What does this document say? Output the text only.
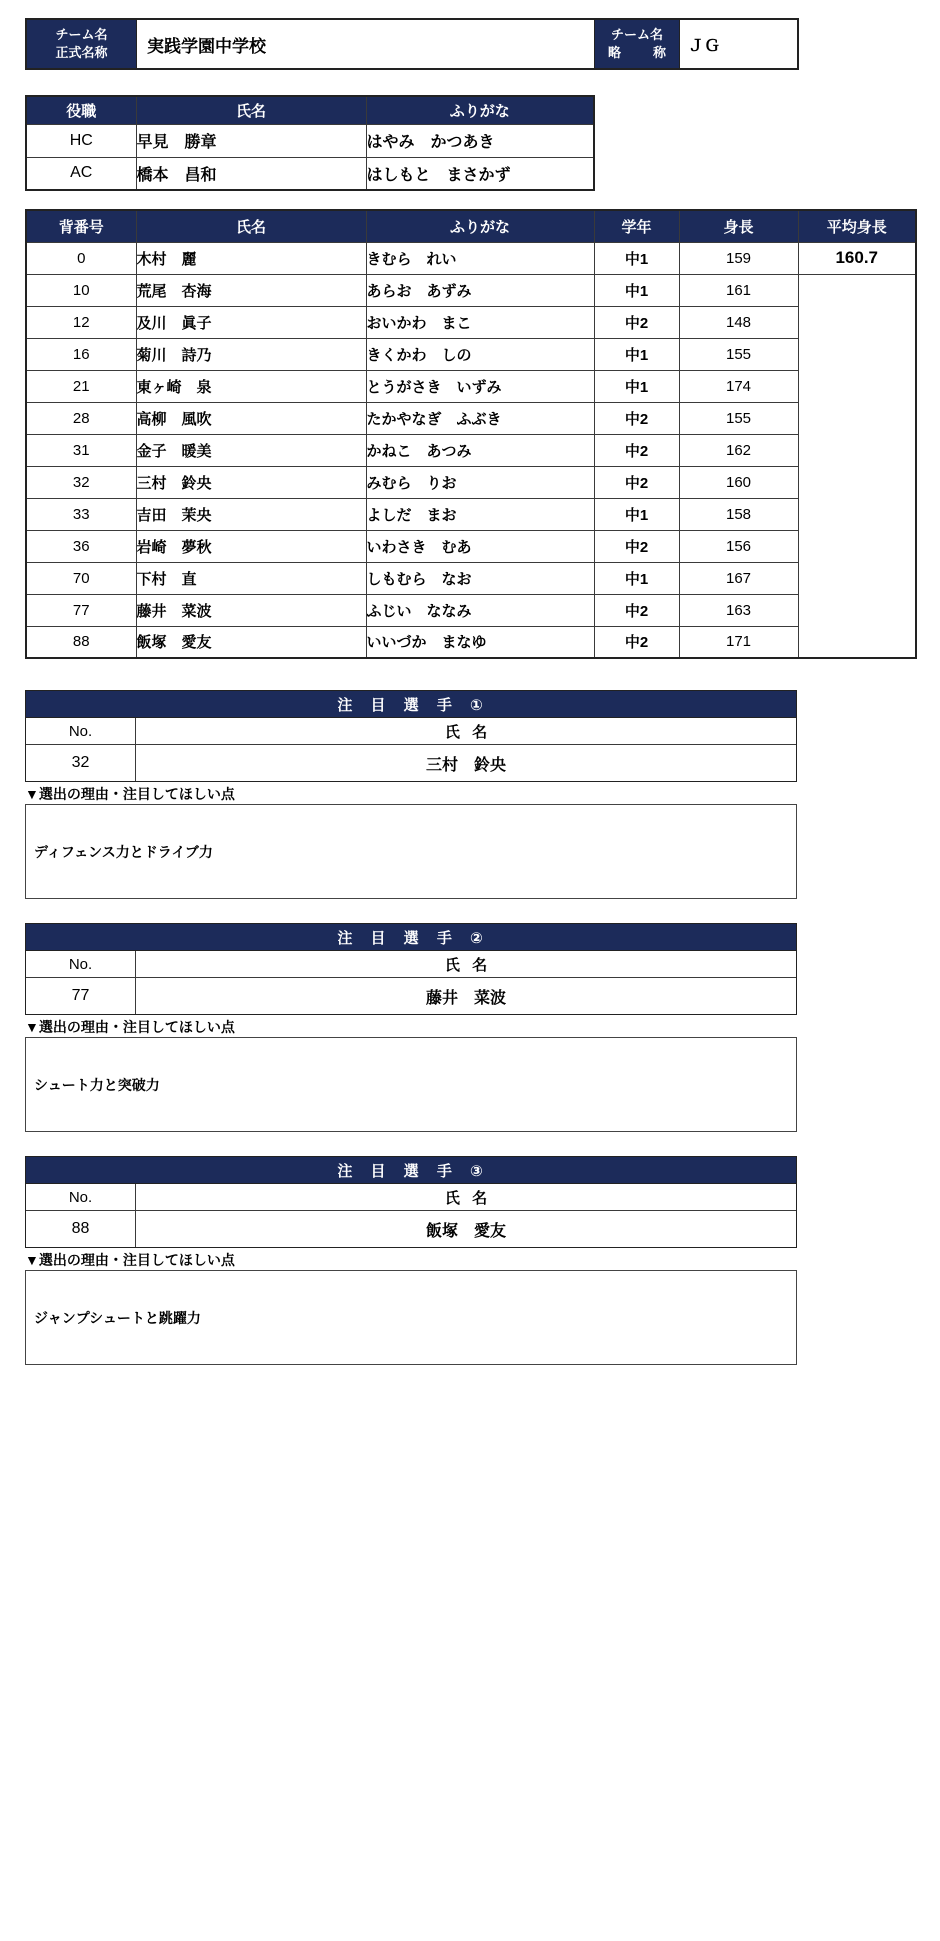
チーム名
正式名称	実践学園中学校
チーム名
略　称	ＪＧ
役職	氏名	ふりがな
HC	早見　勝章	はやみ　かつあき
AC	橋本　昌和	はしもと　まさかず
背番号	氏名	ふりがな	学年	身長	平均身長
0	木村　麗	きむら　れい	中1	159	160.7
10	荒尾　杏海	あらお　あずみ	中1	161	
12	及川　眞子	おいかわ　まこ	中2	148	
16	菊川　詩乃	きくかわ　しの	中1	155	
21	東ヶ崎　泉	とうがさき　いずみ	中1	174	
28	高柳　風吹	たかやなぎ　ふぶき	中2	155	
31	金子　暖美	かねこ　あつみ	中2	162	
32	三村　鈴央	みむら　りお	中2	160	
33	吉田　茉央	よしだ　まお	中1	158	
36	岩崎　夢秋	いわさき　むあ	中2	156	
70	下村　直	しもむら　なお	中1	167	
77	藤井　菜波	ふじい　ななみ	中2	163	
88	飯塚　愛友	いいづか　まなゆ	中2	171	
注 目 選 手 ①
No.	氏 名
32	三村　鈴央
▼選出の理由・注目してほしい点
ディフェンス力とドライブ力
注 目 選 手 ②
No.	氏 名
77	藤井　菜波
▼選出の理由・注目してほしい点
シュート力と突破力
注 目 選 手 ③
No.	氏 名
88	飯塚　愛友
▼選出の理由・注目してほしい点
ジャンプシュートと跳躍力
